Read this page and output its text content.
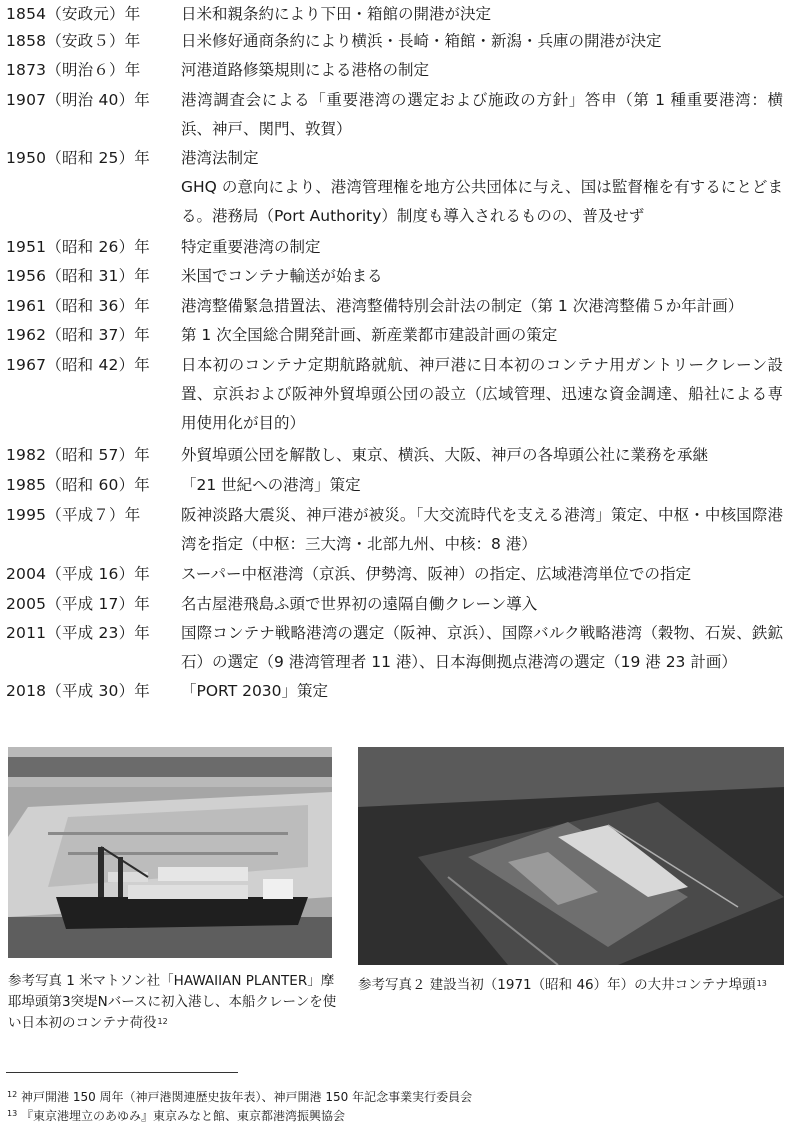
1854（安政元）年	日米和親条約により下田・箱館の開港が決定

1858（安政５）年	日米修好通商条約により横浜・長崎・箱館・新潟・兵庫の開港が決定

1873（明治６）年	河港道路修築規則による港格の制定

1907（明治 40）年 港湾調査会による「重要港湾の選定および施政の方針」答申（第 1 種重要港湾：横浜、神戸、関門、敦賀）

1950（昭和 25）年 港湾法制定

GHQ の意向により、港湾管理権を地方公共団体に与え、国は監督権を有するにとどまる。港務局（Port Authority）制度も導入されるものの、普及せず

1951（昭和 26）年 特定重要港湾の制定

1956（昭和 31）年 米国でコンテナ輸送が始まる

1961（昭和 36）年 港湾整備緊急措置法、港湾整備特別会計法の制定（第 1 次港湾整備５か年計画）

1962（昭和 37）年 第 1 次全国総合開発計画、新産業都市建設計画の策定

1967（昭和 42）年 日本初のコンテナ定期航路就航、神戸港に日本初のコンテナ用ガントリークレーン設置、京浜および阪神外貿埠頭公団の設立（広域管理、迅速な資金調達、船社による専用使用化が目的）

1982（昭和 57）年 外貿埠頭公団を解散し、東京、横浜、大阪、神戸の各埠頭公社に業務を承継

1985（昭和 60）年 「21 世紀への港湾」策定

1995（平成７）年	阪神淡路大震災、神戸港が被災。「大交流時代を支える港湾」策定、中枢・中核国際港湾を指定（中枢：三大湾・北部九州、中核：8 港）

2004（平成 16）年 スーパー中枢港湾（京浜、伊勢湾、阪神）の指定、広域港湾単位での指定

2005（平成 17）年 名古屋港飛島ふ頭で世界初の遠隔自働クレーン導入

2011（平成 23）年 国際コンテナ戦略港湾の選定（阪神、京浜）、国際バルク戦略港湾（穀物、石炭、鉄鉱石）の選定（9 港湾管理者 11 港）、日本海側拠点港湾の選定（19 港 23 計画）

2018（平成 30）年 「PORT 2030」策定

参考写真 1 米マトソン社「HAWAIIAN PLANTER」摩耶埠頭第3突堤Nバースに初入港し、本船クレーンを使い日本初のコンテナ荷役$^{12}$
参考写真２ 建設当初（1971（昭和 46）年）の大井コンテナ埠頭$^{13}$
$^{12}$ 神戸開港 150 周年（神戸港関連歴史抜年表）、神戸開港 150 年記念事業実行委員会
$^{13}$ 『東京港埋立のあゆみ』東京みなと館、東京都港湾振興協会
